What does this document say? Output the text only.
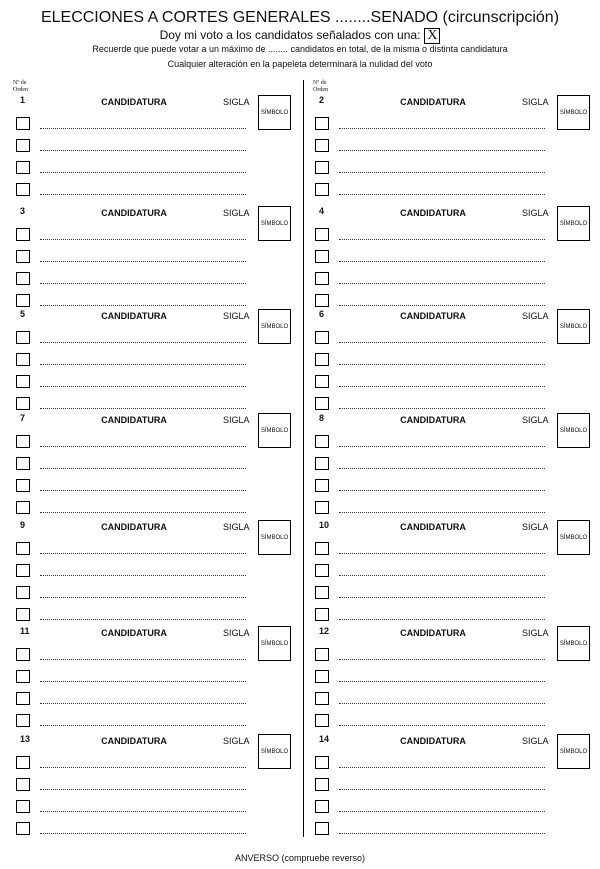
ELECCIONES A CORTES GENERALES ........SENADO (circunscripción)
Doy mi voto a los candidatos señalados con una: X
Recuerde que puede votar a un máximo de ........ candidatos en total, de la misma o distinta candidatura
Cualquier alteración en la papeleta determinará la nulidad del voto
Nº de
Orden
Nº de
Orden
1	CANDIDATURA	SIGLA
SÍMBOLO
2	CANDIDATURA	SIGLA
SÍMBOLO
3	CANDIDATURA	SIGLA
SÍMBOLO
4	CANDIDATURA	SIGLA
SÍMBOLO
5	CANDIDATURA	SIGLA
SÍMBOLO
6	CANDIDATURA	SIGLA
SÍMBOLO
7	CANDIDATURA	SIGLA
SÍMBOLO
8	CANDIDATURA	SIGLA
SÍMBOLO
9	CANDIDATURA	SIGLA
SÍMBOLO
10	CANDIDATURA	SIGLA
SÍMBOLO
11	CANDIDATURA	SIGLA
SÍMBOLO
12	CANDIDATURA	SIGLA
SÍMBOLO
13	CANDIDATURA	SIGLA
SÍMBOLO
14	CANDIDATURA	SIGLA
SÍMBOLO
ANVERSO (compruebe reverso)
